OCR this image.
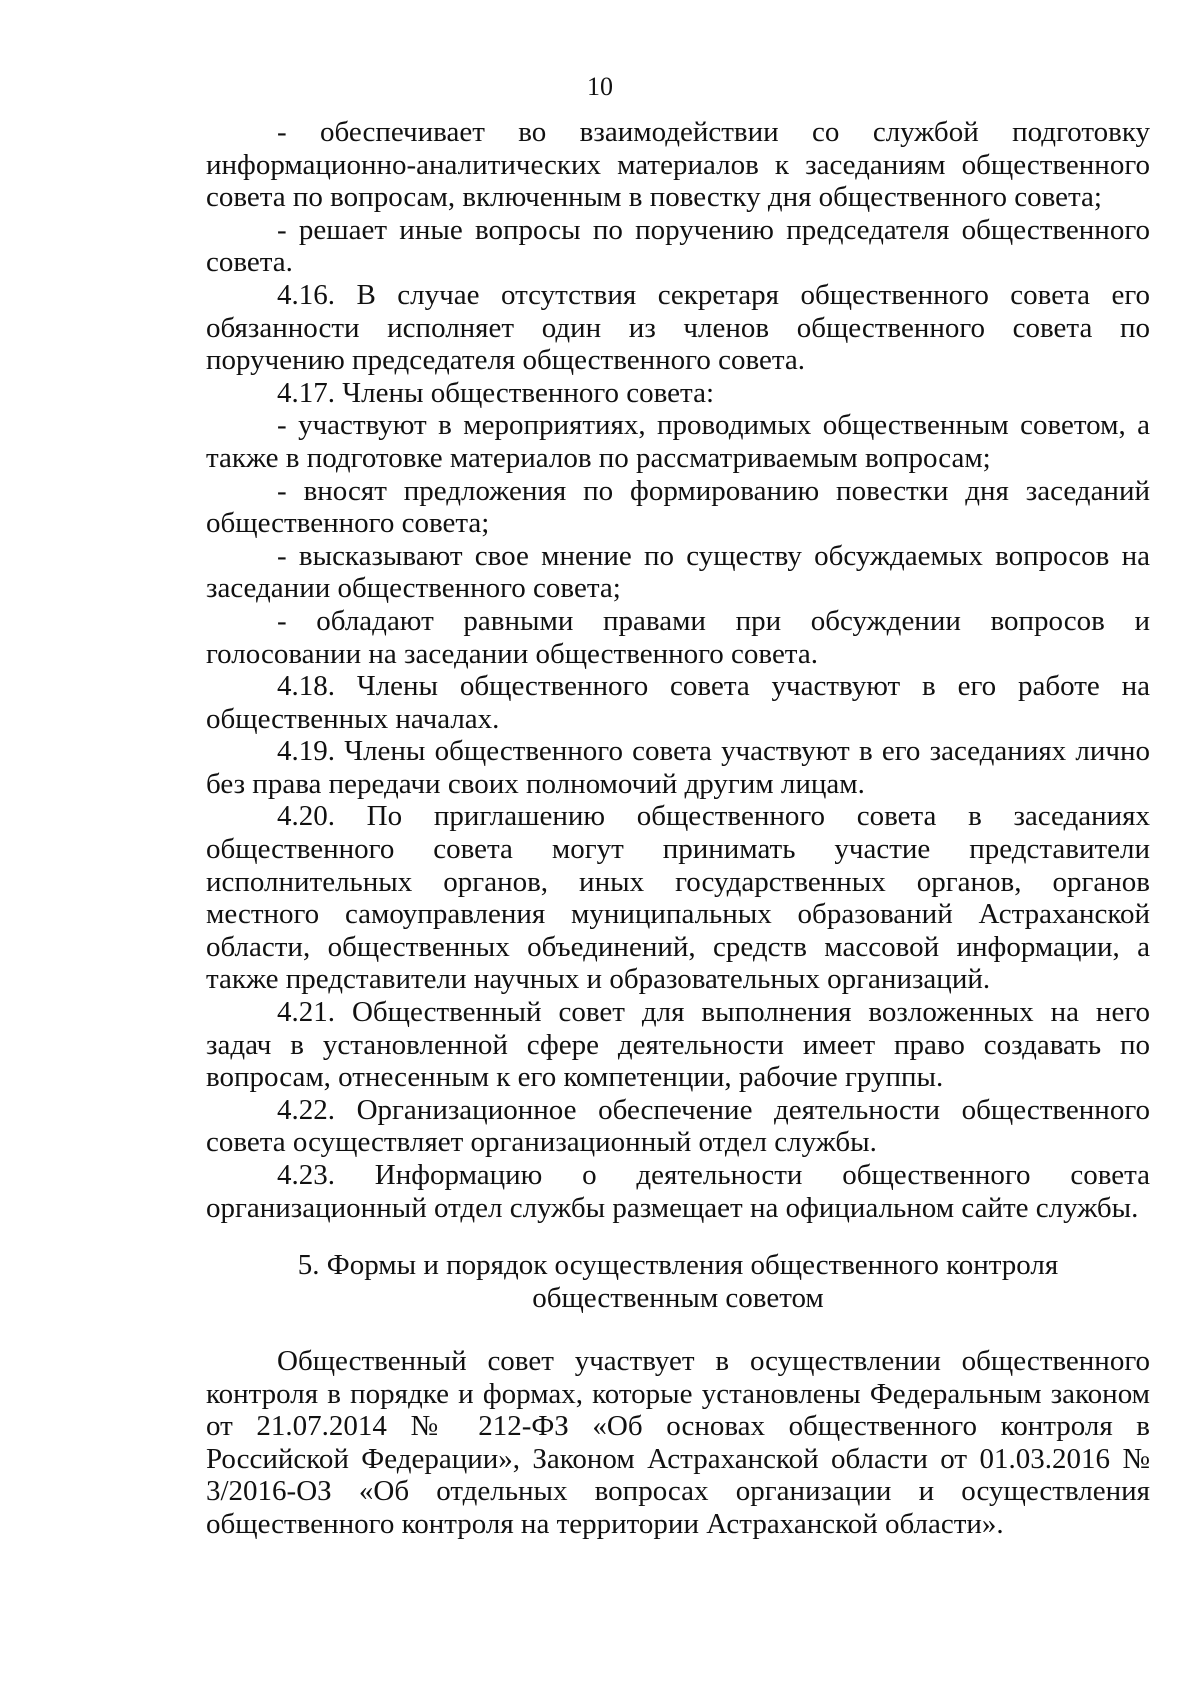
10

- обеспечивает во взаимодействии со службой подготовку информационно-аналитических материалов к заседаниям общественного совета по вопросам, включенным в повестку дня общественного совета;

- решает иные вопросы по поручению председателя общественного совета.

4.16. В случае отсутствия секретаря общественного совета его обязанности исполняет один из членов общественного совета по поручению председателя общественного совета.

4.17. Члены общественного совета:

- участвуют в мероприятиях, проводимых общественным советом, а также в подготовке материалов по рассматриваемым вопросам;

- вносят предложения по формированию повестки дня заседаний общественного совета;

- высказывают свое мнение по существу обсуждаемых вопросов на заседании общественного совета;

- обладают равными правами при обсуждении вопросов и голосовании на заседании общественного совета.

4.18. Члены общественного совета участвуют в его работе на общественных началах.

4.19. Члены общественного совета участвуют в его заседаниях лично без права передачи своих полномочий другим лицам.

4.20. По приглашению общественного совета в заседаниях общественного совета могут принимать участие представители исполнительных органов, иных государственных органов, органов местного самоуправления муниципальных образований Астраханской области, общественных объединений, средств массовой информации, а также представители научных и образовательных организаций.

4.21. Общественный совет для выполнения возложенных на него задач в установленной сфере деятельности имеет право создавать по вопросам, отнесенным к его компетенции, рабочие группы.

4.22. Организационное обеспечение деятельности общественного совета осуществляет организационный отдел службы.

4.23. Информацию о деятельности общественного совета организационный отдел службы размещает на официальном сайте службы.

5. Формы и порядок осуществления общественного контроля
общественным советом

Общественный совет участвует в осуществлении общественного контроля в порядке и формах, которые установлены Федеральным законом от 21.07.2014 № 212-ФЗ «Об основах общественного контроля в Российской Федерации», Законом Астраханской области от 01.03.2016 № 3/2016-ОЗ «Об отдельных вопросах организации и осуществления общественного контроля на территории Астраханской области».
